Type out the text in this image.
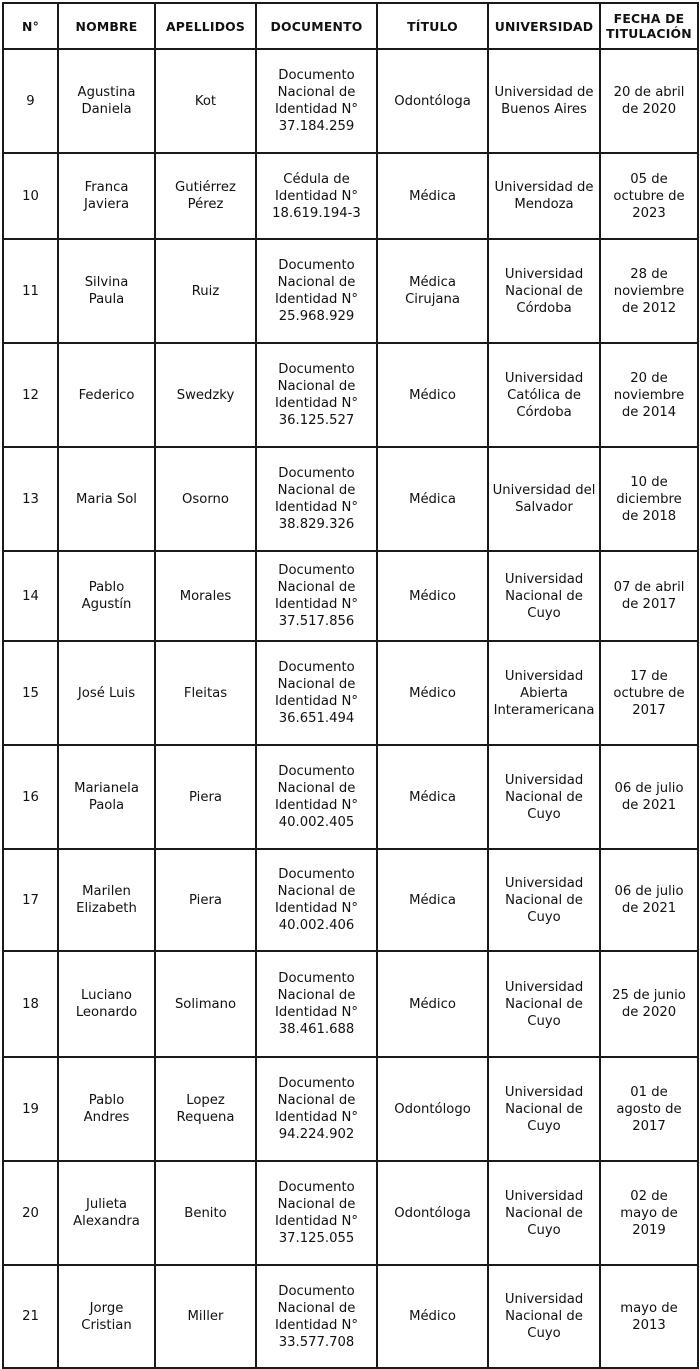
N°	NOMBRE	APELLIDOS	DOCUMENTO	TÍTULO	UNIVERSIDAD	FECHA DE
TITULACIÓN
9	Agustina
Daniela	Kot	Documento
Nacional de
Identidad N°
37.184.259	Odontóloga	Universidad de
Buenos Aires	20 de abril
de 2020
10	Franca
Javiera	Gutiérrez
Pérez	Cédula de
Identidad N°
18.619.194-3	Médica	Universidad de
Mendoza	05 de
octubre de
2023
11	Silvina
Paula	Ruiz	Documento
Nacional de
Identidad N°
25.968.929	Médica
Cirujana	Universidad
Nacional de
Córdoba	28 de
noviembre
de 2012
12	Federico	Swedzky	Documento
Nacional de
Identidad N°
36.125.527	Médico	Universidad
Católica de
Córdoba	20 de
noviembre
de 2014
13	Maria Sol	Osorno	Documento
Nacional de
Identidad N°
38.829.326	Médica	Universidad del
Salvador	10 de
diciembre
de 2018
14	Pablo
Agustín	Morales	Documento
Nacional de
Identidad N°
37.517.856	Médico	Universidad
Nacional de
Cuyo	07 de abril
de 2017
15	José Luis	Fleitas	Documento
Nacional de
Identidad N°
36.651.494	Médico	Universidad
Abierta
Interamericana	17 de
octubre de
2017
16	Marianela
Paola	Piera	Documento
Nacional de
Identidad N°
40.002.405	Médica	Universidad
Nacional de
Cuyo	06 de julio
de 2021
17	Marilen
Elizabeth	Piera	Documento
Nacional de
Identidad N°
40.002.406	Médica	Universidad
Nacional de
Cuyo	06 de julio
de 2021
18	Luciano
Leonardo	Solimano	Documento
Nacional de
Identidad N°
38.461.688	Médico	Universidad
Nacional de
Cuyo	25 de junio
de 2020
19	Pablo
Andres	Lopez
Requena	Documento
Nacional de
Identidad N°
94.224.902	Odontólogo	Universidad
Nacional de
Cuyo	01 de
agosto de
2017
20	Julieta
Alexandra	Benito	Documento
Nacional de
Identidad N°
37.125.055	Odontóloga	Universidad
Nacional de
Cuyo	02 de
mayo de
2019
21	Jorge
Cristian	Miller	Documento
Nacional de
Identidad N°
33.577.708	Médico	Universidad
Nacional de
Cuyo	mayo de
2013
